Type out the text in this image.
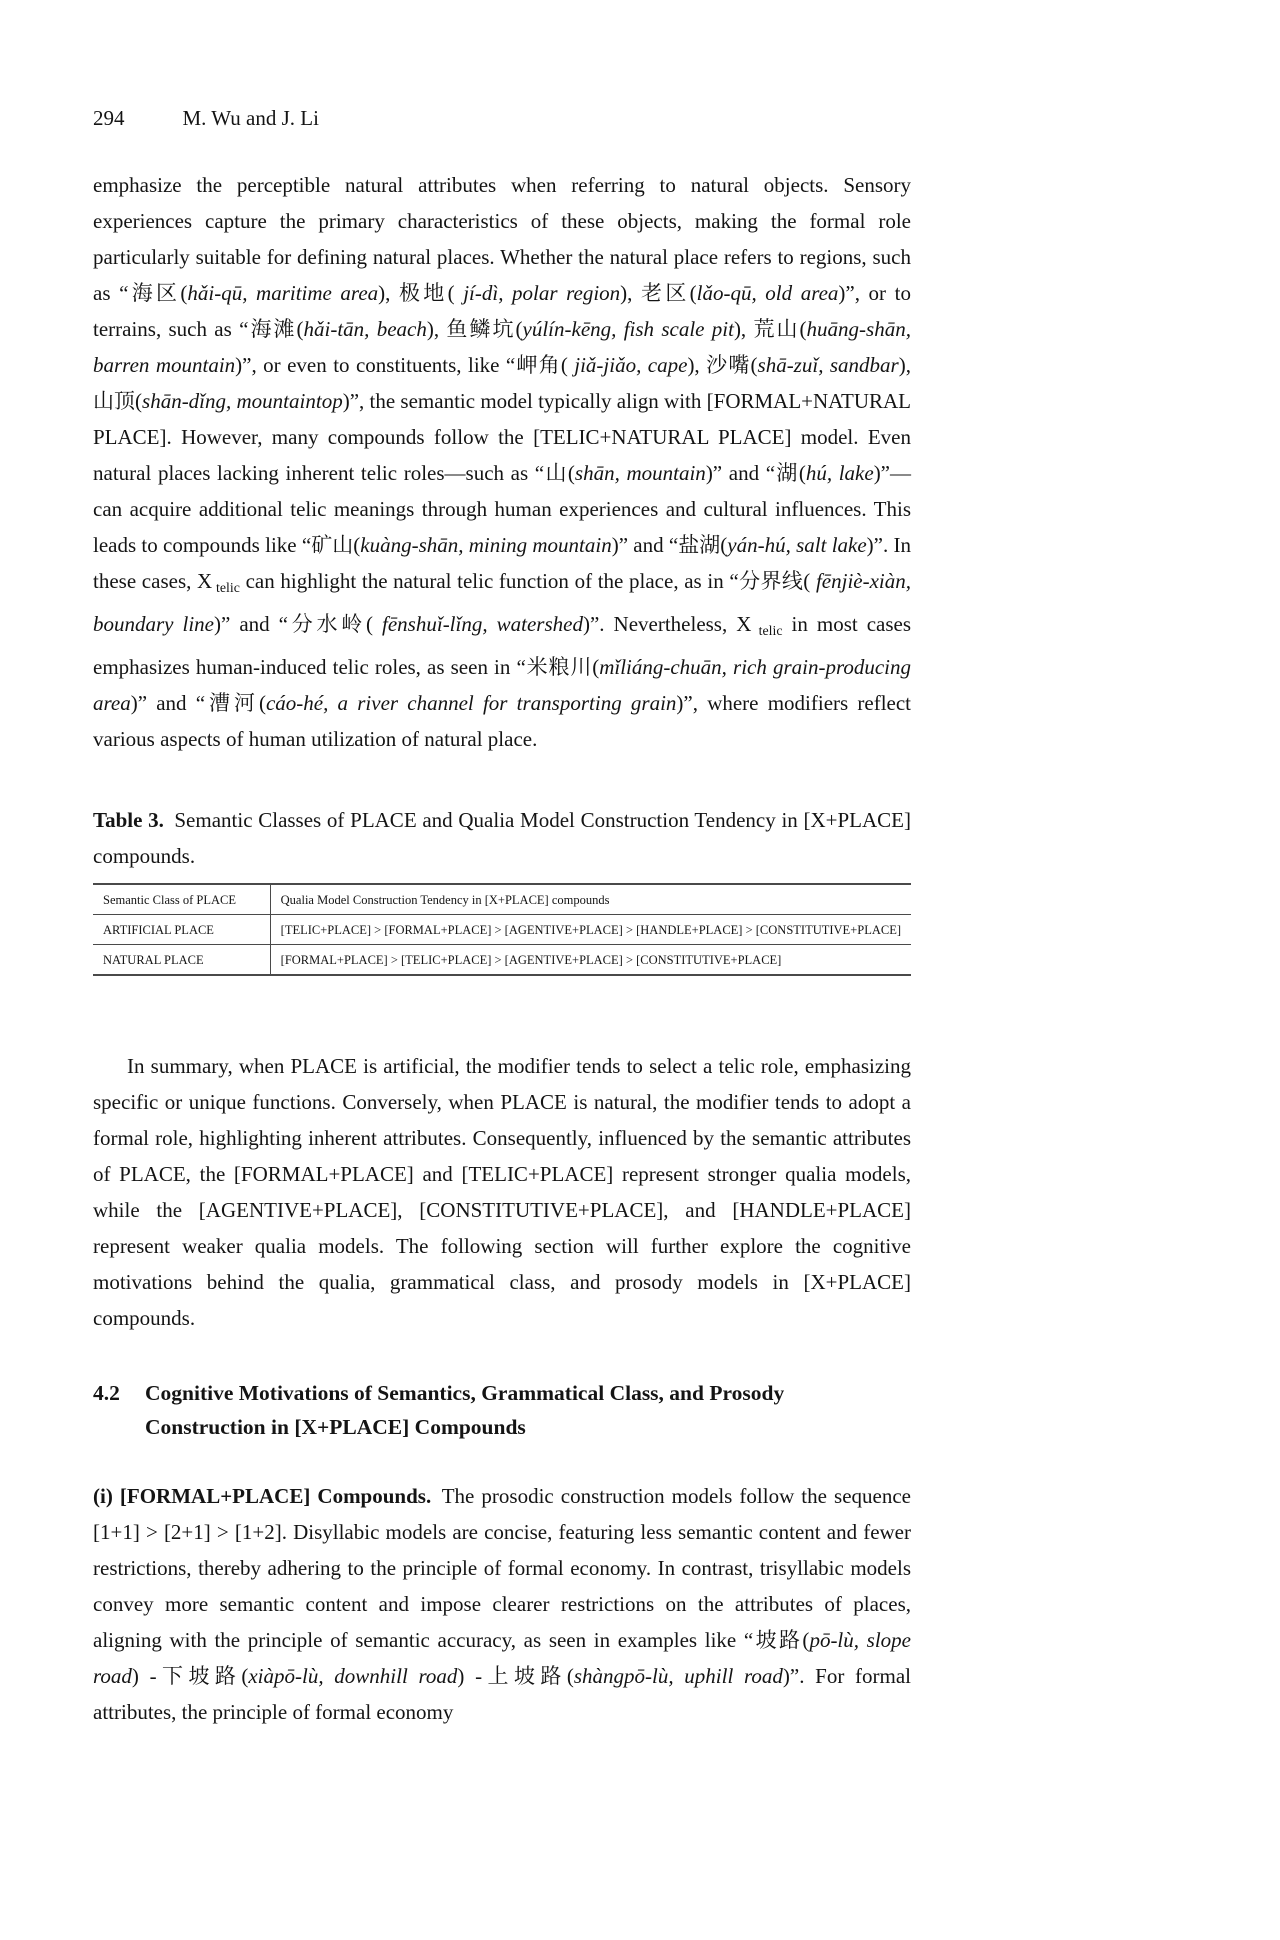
294	M. Wu and J. Li

emphasize the perceptible natural attributes when referring to natural objects. Sensory experiences capture the primary characteristics of these objects, making the formal role particularly suitable for defining natural places. Whether the natural place refers to regions, such as “海区(hǎi-qū, maritime area), 极地( jí-dì, polar region), 老区(lǎo-qū, old area)”, or to terrains, such as “海滩(hǎi-tān, beach), 鱼鳞坑(yúlín-kēng, fish scale pit), 荒山(huāng-shān, barren mountain)”, or even to constituents, like “岬角( jiǎ-jiǎo, cape), 沙嘴(shā-zuǐ, sandbar), 山顶(shān-dǐng, mountaintop)”, the semantic model typically align with [FORMAL+NATURAL PLACE]. However, many compounds follow the [TELIC+NATURAL PLACE] model. Even natural places lacking inherent telic roles—such as “山(shān, mountain)” and “湖(hú, lake)”—can acquire additional telic meanings through human experiences and cultural influences. This leads to compounds like “矿山(kuàng-shān, mining mountain)” and “盐湖(yán-hú, salt lake)”. In these cases, X telic can highlight the natural telic function of the place, as in “分界线( fēnjiè-xiàn, boundary line)” and “分水岭( fēnshuǐ-lǐng, watershed)”. Nevertheless, X telic in most cases emphasizes human-induced telic roles, as seen in “米粮川(mǐliáng-chuān, rich grain-producing area)” and “漕河(cáo-hé, a river channel for transporting grain)”, where modifiers reflect various aspects of human utilization of natural place.

Table 3. Semantic Classes of PLACE and Qualia Model Construction Tendency in [X+PLACE] compounds.

Semantic Class of PLACE	Qualia Model Construction Tendency in [X+PLACE] compounds
ARTIFICIAL PLACE	[TELIC+PLACE] > [FORMAL+PLACE] > [AGENTIVE+PLACE] > [HANDLE+PLACE] > [CONSTITUTIVE+PLACE]
NATURAL PLACE	[FORMAL+PLACE] > [TELIC+PLACE] > [AGENTIVE+PLACE] > [CONSTITUTIVE+PLACE]

In summary, when PLACE is artificial, the modifier tends to select a telic role, emphasizing specific or unique functions. Conversely, when PLACE is natural, the modifier tends to adopt a formal role, highlighting inherent attributes. Consequently, influenced by the semantic attributes of PLACE, the [FORMAL+PLACE] and [TELIC+PLACE] represent stronger qualia models, while the [AGENTIVE+PLACE], [CONSTITUTIVE+PLACE], and [HANDLE+PLACE] represent weaker qualia models. The following section will further explore the cognitive motivations behind the qualia, grammatical class, and prosody models in [X+PLACE] compounds.

4.2	Cognitive Motivations of Semantics, Grammatical Class, and Prosody Construction in [X+PLACE] Compounds

(i) [FORMAL+PLACE] Compounds. The prosodic construction models follow the sequence [1+1] > [2+1] > [1+2]. Disyllabic models are concise, featuring less semantic content and fewer restrictions, thereby adhering to the principle of formal economy. In contrast, trisyllabic models convey more semantic content and impose clearer restrictions on the attributes of places, aligning with the principle of semantic accuracy, as seen in examples like “坡路(pō-lù, slope road) -下坡路(xiàpō-lù, downhill road) -上坡路(shàngpō-lù, uphill road)”. For formal attributes, the principle of formal economy
